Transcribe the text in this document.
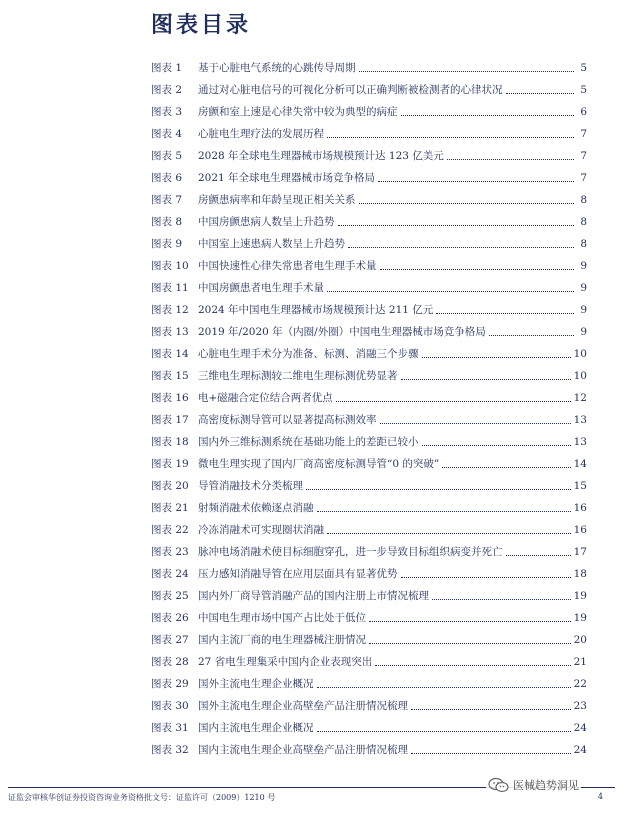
图表目录
图表 1	基于心脏电气系统的心跳传导周期	5
图表 2	通过对心脏电信号的可视化分析可以正确判断被检测者的心律状况	5
图表 3	房颤和室上速是心律失常中较为典型的病症	6
图表 4	心脏电生理疗法的发展历程	7
图表 5	2028 年全球电生理器械市场规模预计达 123 亿美元	7
图表 6	2021 年全球电生理器械市场竞争格局	7
图表 7	房颤患病率和年龄呈现正相关关系	8
图表 8	中国房颤患病人数呈上升趋势	8
图表 9	中国室上速患病人数呈上升趋势	8
图表 10 中国快速性心律失常患者电生理手术量	9
图表 11 中国房颤患者电生理手术量	9
图表 12 2024 年中国电生理器械市场规模预计达 211 亿元	9
图表 13 2019 年/2020 年（内圈/外圈）中国电生理器械市场竞争格局	9
图表 14 心脏电生理手术分为准备、标测、消融三个步骤	10
图表 15 三维电生理标测较二维电生理标测优势显著	10
图表 16 电+磁融合定位结合两者优点	12
图表 17 高密度标测导管可以显著提高标测效率	13
图表 18 国内外三维标测系统在基础功能上的差距已较小	13
图表 19 微电生理实现了国内厂商高密度标测导管“0 的突破”	14
图表 20 导管消融技术分类梳理	15
图表 21 射频消融术依赖逐点消融	16
图表 22 冷冻消融术可实现圈状消融	16
图表 23 脉冲电场消融术使目标细胞穿孔，进一步导致目标组织病变并死亡	17
图表 24 压力感知消融导管在应用层面具有显著优势	18
图表 25 国内外厂商导管消融产品的国内注册上市情况梳理	19
图表 26 中国电生理市场中国产占比处于低位	19
图表 27 国内主流厂商的电生理器械注册情况	20
图表 28 27 省电生理集采中国内企业表现突出	21
图表 29 国外主流电生理企业概况	22
图表 30 国外主流电生理企业高壁垒产品注册情况梳理	23
图表 31 国内主流电生理企业概况	24
图表 32 国内主流电生理企业高壁垒产品注册情况梳理	24
证监会审核华创证券投资咨询业务资格批文号：证监许可（2009）1210 号	4
医械趋势洞见
